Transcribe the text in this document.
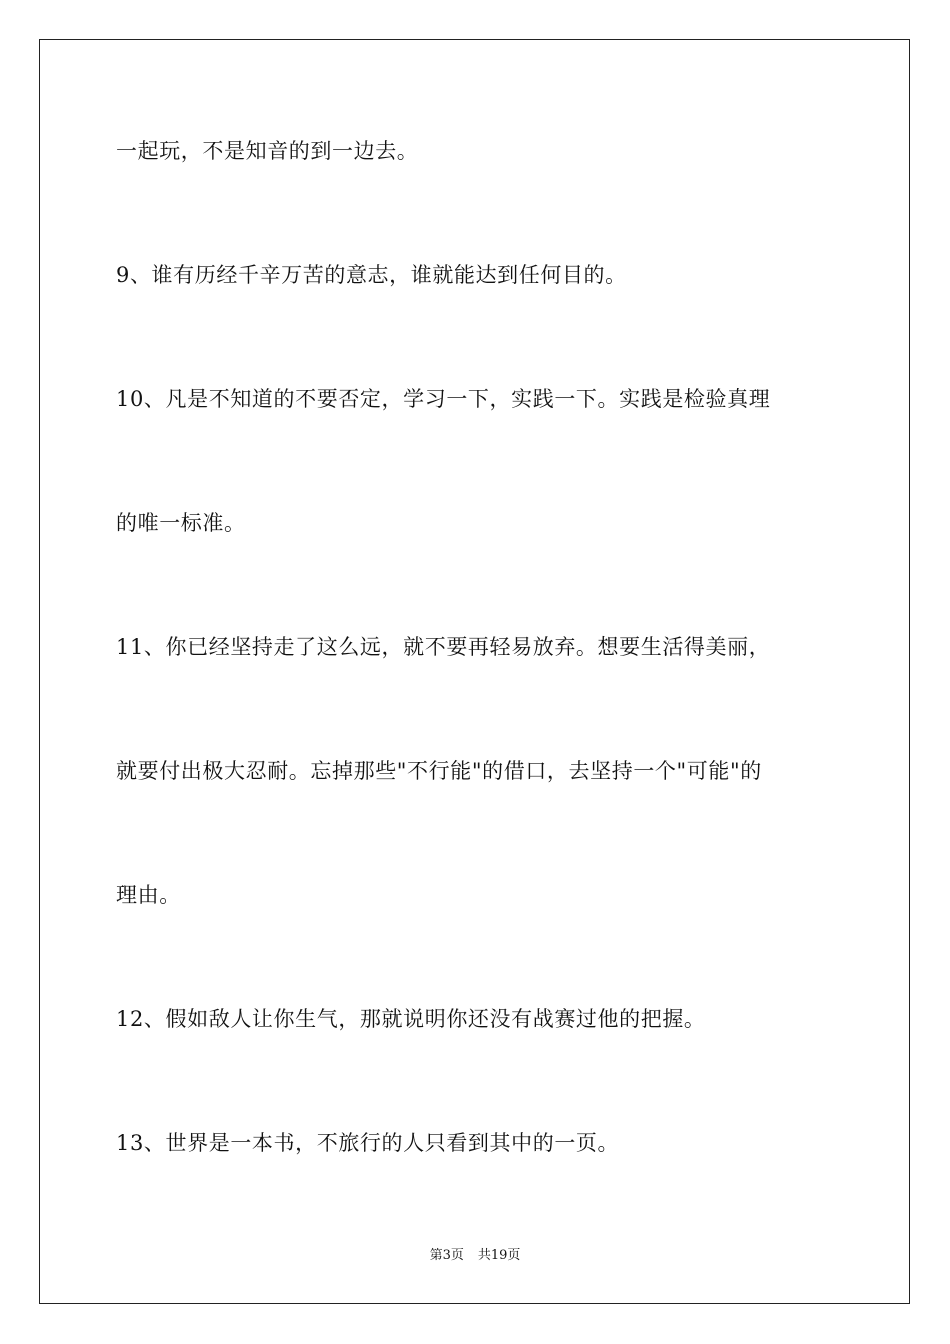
一起玩，不是知音的到一边去。
9、谁有历经千辛万苦的意志，谁就能达到任何目的。
10、凡是不知道的不要否定，学习一下，实践一下。实践是检验真理
的唯一标准。
11、你已经坚持走了这么远，就不要再轻易放弃。想要生活得美丽，
就要付出极大忍耐。忘掉那些"不行能"的借口，去坚持一个"可能"的
理由。
12、假如敌人让你生气，那就说明你还没有战赛过他的把握。
13、世界是一本书，不旅行的人只看到其中的一页。
第3页 共19页
